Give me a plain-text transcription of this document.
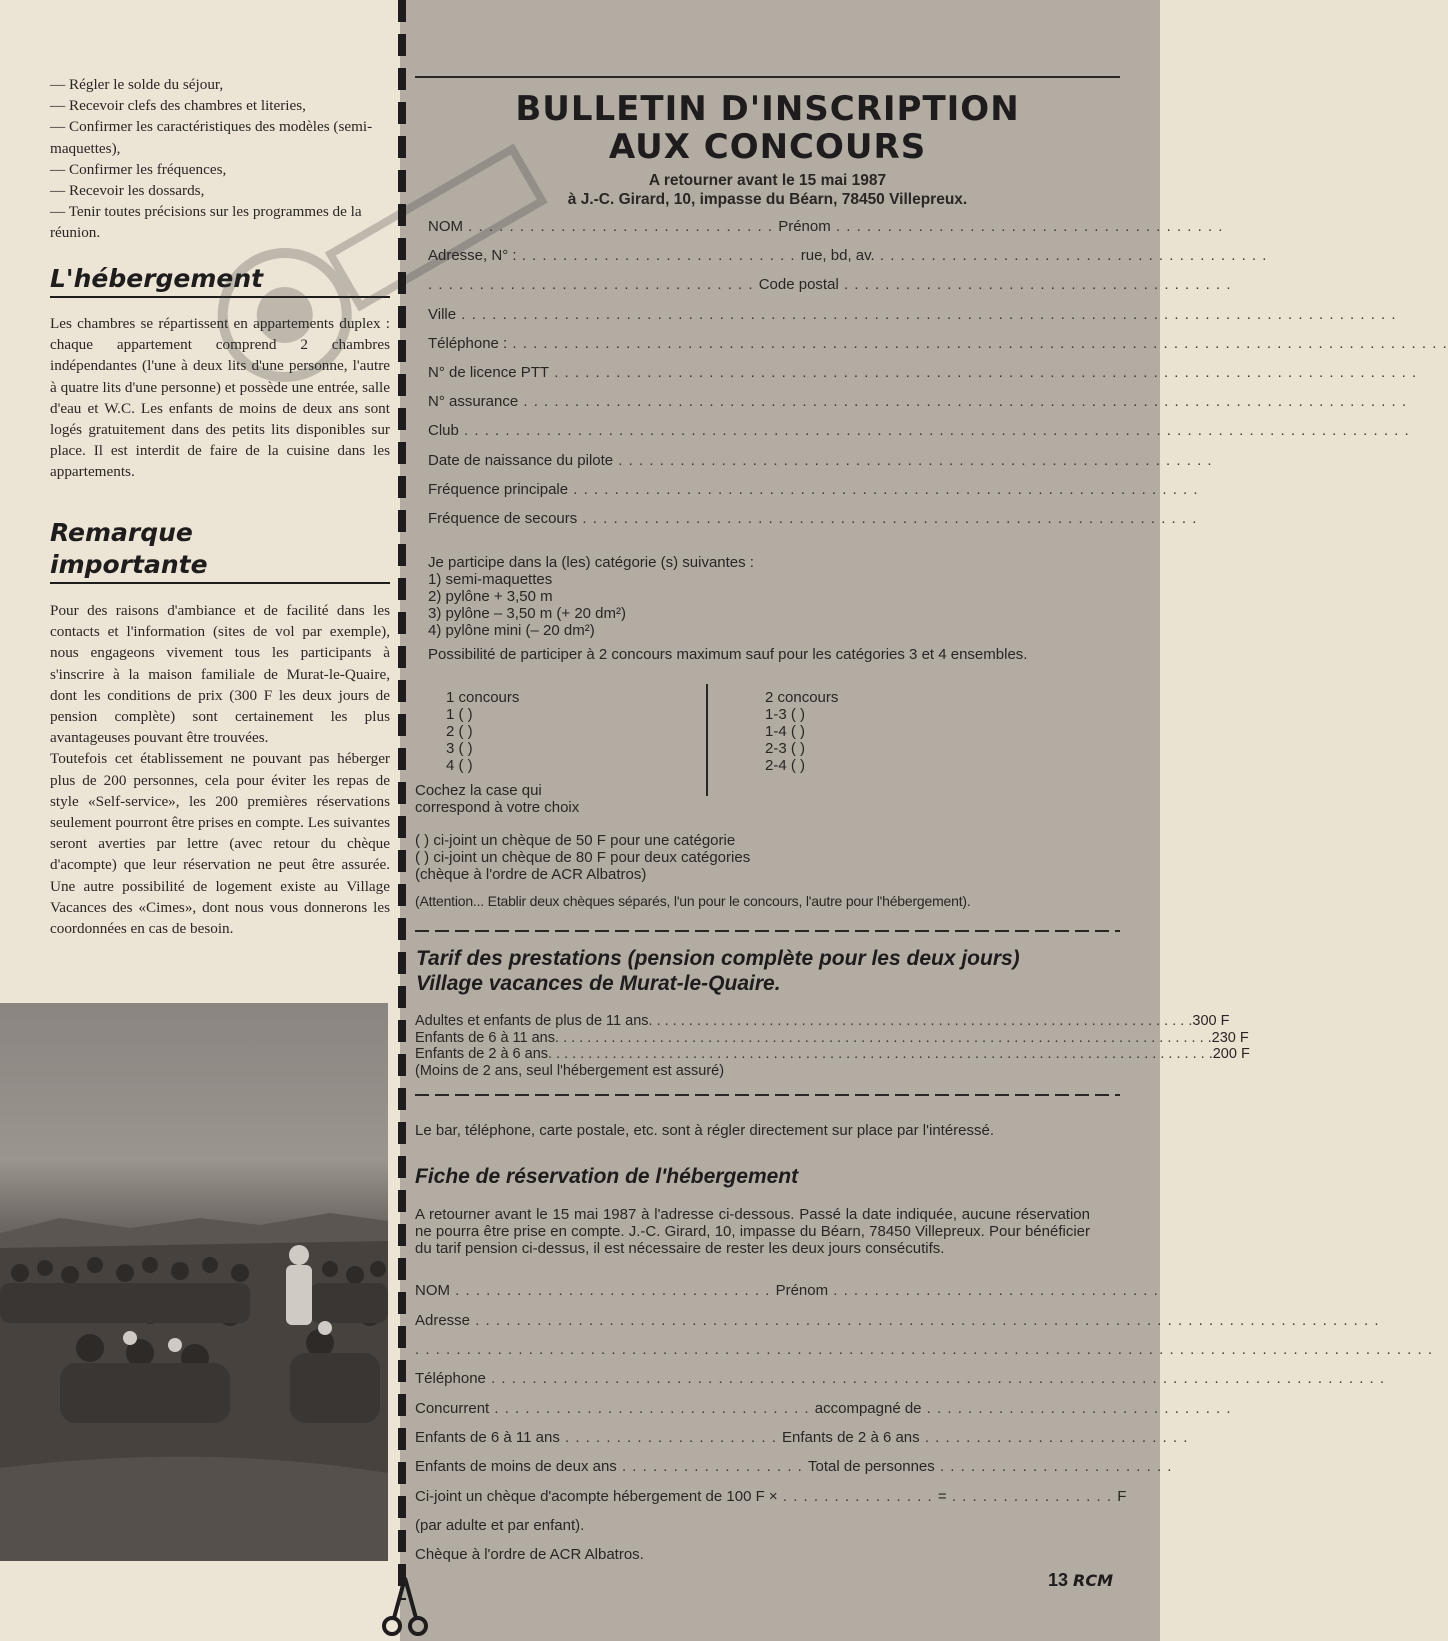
— Régler le solde du séjour,
— Recevoir clefs des chambres et literies,
— Confirmer les caractéristiques des modèles (semi-maquettes),
— Confirmer les fréquences,
— Recevoir les dossards,
— Tenir toutes précisions sur les programmes de la réunion.
L'hébergement

Les chambres se répartissent en appartements duplex : chaque appartement comprend 2 chambres indépendantes (l'une à deux lits d'une personne, l'autre à quatre lits d'une personne) et possède une entrée, salle d'eau et W.C. Les enfants de moins de deux ans sont logés gratuitement dans des petits lits disponibles sur place. Il est interdit de faire de la cuisine dans les appartements.

Remarque
importante

Pour des raisons d'ambiance et de facilité dans les contacts et l'information (sites de vol par exemple), nous engageons vivement tous les participants à s'inscrire à la maison familiale de Murat-le-Quaire, dont les conditions de prix (300 F les deux jours de pension complète) sont certainement les plus avantageuses pouvant être trouvées.

Toutefois cet établissement ne pouvant pas héberger plus de 200 personnes, cela pour éviter les repas de style «Self-service», les 200 premières réservations seulement pourront être prises en compte. Les suivantes seront averties par lettre (avec retour du chèque d'acompte) que leur réservation ne peut être assurée. Une autre possibilité de logement existe au Village Vacances des «Cimes», dont nous vous donnerons les coordonnées en cas de besoin.

BULLETIN D'INSCRIPTION
AUX CONCOURS
A retourner avant le 15 mai 1987
à J.-C. Girard, 10, impasse du Béarn, 78450 Villepreux.
NOM . . . . . . . . . . . . . . . . . . . . . . . . . . . . . . Prénom . . . . . . . . . . . . . . . . . . . . . . . . . . . . . . . . . . . . . .
Adresse, N° : . . . . . . . . . . . . . . . . . . . . . . . . . . . rue, bd, av. . . . . . . . . . . . . . . . . . . . . . . . . . . . . . . . . . . . . . .
. . . . . . . . . . . . . . . . . . . . . . . . . . . . . . . . Code postal . . . . . . . . . . . . . . . . . . . . . . . . . . . . . . . . . . . . . .
Ville . . . . . . . . . . . . . . . . . . . . . . . . . . . . . . . . . . . . . . . . . . . . . . . . . . . . . . . . . . . . . . . . . . . . . . . . . . . . . . . . . . . . . . . . . . .
Téléphone : . . . . . . . . . . . . . . . . . . . . . . . . . . . . . . . . . . . . . . . . . . . . . . . . . . . . . . . . . . . . . . . . . . . . . . . . . . . . . . . . . . . . . . . . . . .
N° de licence PTT . . . . . . . . . . . . . . . . . . . . . . . . . . . . . . . . . . . . . . . . . . . . . . . . . . . . . . . . . . . . . . . . . . . . . . . . . . . . . . . . . . . .
N° assurance . . . . . . . . . . . . . . . . . . . . . . . . . . . . . . . . . . . . . . . . . . . . . . . . . . . . . . . . . . . . . . . . . . . . . . . . . . . . . . . . . . . . . .
Club . . . . . . . . . . . . . . . . . . . . . . . . . . . . . . . . . . . . . . . . . . . . . . . . . . . . . . . . . . . . . . . . . . . . . . . . . . . . . . . . . . . . . . . . . . . .
Date de naissance du pilote . . . . . . . . . . . . . . . . . . . . . . . . . . . . . . . . . . . . . . . . . . . . . . . . . . . . . . . . . .
Fréquence principale . . . . . . . . . . . . . . . . . . . . . . . . . . . . . . . . . . . . . . . . . . . . . . . . . . . . . . . . . . . . .
Fréquence de secours . . . . . . . . . . . . . . . . . . . . . . . . . . . . . . . . . . . . . . . . . . . . . . . . . . . . . . . . . . . .
Je participe dans la (les) catégorie (s) suivantes :
1) semi-maquettes
2) pylône + 3,50 m
3) pylône – 3,50 m (+ 20 dm²)
4) pylône mini (– 20 dm²)
Possibilité de participer à 2 concours maximum sauf pour les catégories 3 et 4 ensembles.
1 concours
1 ( )
2 ( )
3 ( )
4 ( )
2 concours
1-3 ( )
1-4 ( )
2-3 ( )
2-4 ( )
Cochez la case qui
correspond à votre choix
( ) ci-joint un chèque de 50 F pour une catégorie
( ) ci-joint un chèque de 80 F pour deux catégories
(chèque à l'ordre de ACR Albatros)
(Attention... Etablir deux chèques séparés, l'un pour le concours, l'autre pour l'hébergement).
Tarif des prestations (pension complète pour les deux jours)
Village vacances de Murat-le-Quaire.
Adultes et enfants de plus de 11 ans . . . . . . . . . . . . . . . . . . . . . . . . . . . . . . . . . . . . . . . . . . . . . . . . . . . . . . . . . . . . . . . . . . . . 300 F
Enfants de 6 à 11 ans . . . . . . . . . . . . . . . . . . . . . . . . . . . . . . . . . . . . . . . . . . . . . . . . . . . . . . . . . . . . . . . . . . . . . . . . . . . . . . . . . . 230 F
Enfants de 2 à 6 ans . . . . . . . . . . . . . . . . . . . . . . . . . . . . . . . . . . . . . . . . . . . . . . . . . . . . . . . . . . . . . . . . . . . . . . . . . . . . . . . . . . . 200 F
(Moins de 2 ans, seul l'hébergement est assuré)
Le bar, téléphone, carte postale, etc. sont à régler directement sur place par l'intéressé.
Fiche de réservation de l'hébergement
A retourner avant le 15 mai 1987 à l'adresse ci-dessous. Passé la date indiquée, aucune réservation ne pourra être prise en compte. J.-C. Girard, 10, impasse du Béarn, 78450 Villepreux. Pour bénéficier du tarif pension ci-dessus, il est nécessaire de rester les deux jours consécutifs.
NOM . . . . . . . . . . . . . . . . . . . . . . . . . . . . . . . Prénom . . . . . . . . . . . . . . . . . . . . . . . . . . . . . . . .
Adresse . . . . . . . . . . . . . . . . . . . . . . . . . . . . . . . . . . . . . . . . . . . . . . . . . . . . . . . . . . . . . . . . . . . . . . . . . . . . . . . . . . . . . . . .
. . . . . . . . . . . . . . . . . . . . . . . . . . . . . . . . . . . . . . . . . . . . . . . . . . . . . . . . . . . . . . . . . . . . . . . . . . . . . . . . . . . . . . . . . . . . . . . . . . .
Téléphone . . . . . . . . . . . . . . . . . . . . . . . . . . . . . . . . . . . . . . . . . . . . . . . . . . . . . . . . . . . . . . . . . . . . . . . . . . . . . . . . . . . . . . .
Concurrent . . . . . . . . . . . . . . . . . . . . . . . . . . . . . . . accompagné de . . . . . . . . . . . . . . . . . . . . . . . . . . . . . .
Enfants de 6 à 11 ans . . . . . . . . . . . . . . . . . . . . . Enfants de 2 à 6 ans . . . . . . . . . . . . . . . . . . . . . . . . . .
Enfants de moins de deux ans . . . . . . . . . . . . . . . . . . Total de personnes . . . . . . . . . . . . . . . . . . . . . . .
Ci-joint un chèque d'acompte hébergement de 100 F × . . . . . . . . . . . . . . . = . . . . . . . . . . . . . . . . F
(par adulte et par enfant).
Chèque à l'ordre de ACR Albatros.
13 RCM
